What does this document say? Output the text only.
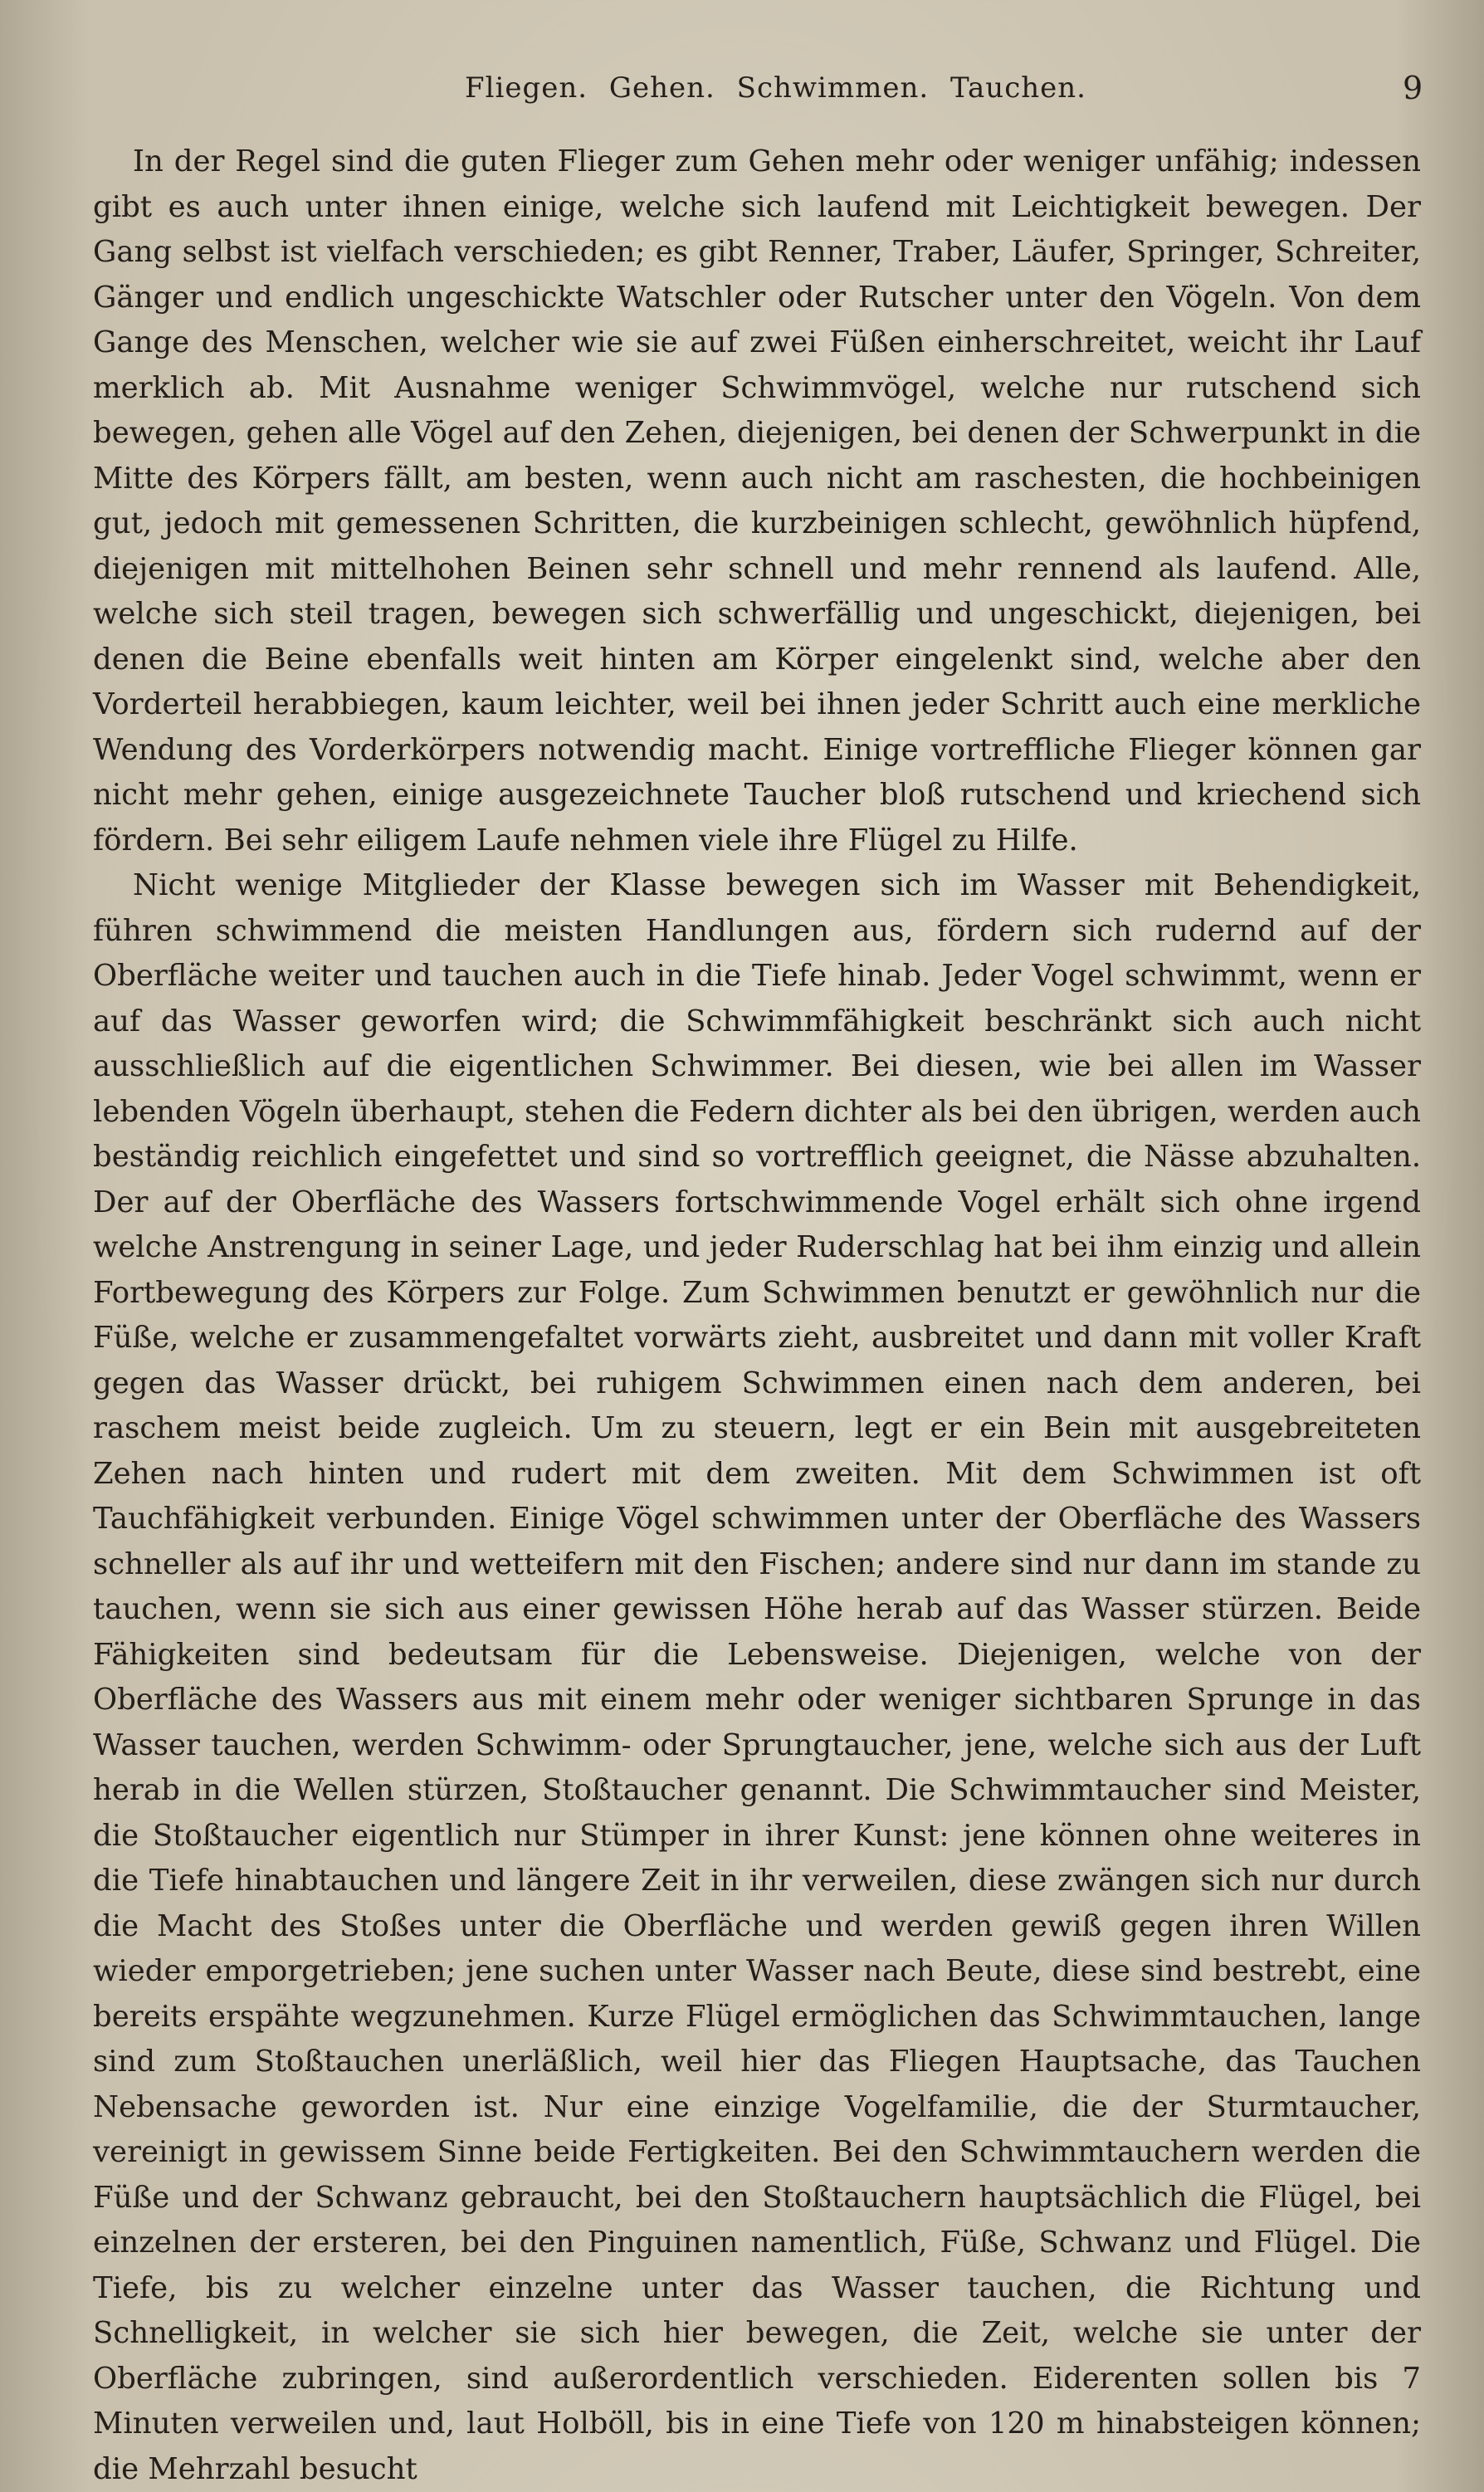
Fliegen. Gehen. Schwimmen. Tauchen.	9

In der Regel sind die guten Flieger zum Gehen mehr oder weniger unfähig; indessen gibt es auch unter ihnen einige, welche sich laufend mit Leichtigkeit bewegen. Der Gang selbst ist vielfach verschieden; es gibt Renner, Traber, Läufer, Springer, Schreiter, Gänger und endlich ungeschickte Watschler oder Rutscher unter den Vögeln. Von dem Gange des Menschen, welcher wie sie auf zwei Füßen einherschreitet, weicht ihr Lauf merklich ab. Mit Ausnahme weniger Schwimmvögel, welche nur rutschend sich bewegen, gehen alle Vögel auf den Zehen, diejenigen, bei denen der Schwerpunkt in die Mitte des Körpers fällt, am besten, wenn auch nicht am raschesten, die hochbeinigen gut, jedoch mit gemessenen Schritten, die kurzbeinigen schlecht, gewöhnlich hüpfend, diejenigen mit mittelhohen Beinen sehr schnell und mehr rennend als laufend. Alle, welche sich steil tragen, bewegen sich schwerfällig und ungeschickt, diejenigen, bei denen die Beine ebenfalls weit hinten am Körper eingelenkt sind, welche aber den Vorderteil herabbiegen, kaum leichter, weil bei ihnen jeder Schritt auch eine merkliche Wendung des Vorderkörpers notwendig macht. Einige vortreffliche Flieger können gar nicht mehr gehen, einige ausgezeichnete Taucher bloß rutschend und kriechend sich fördern. Bei sehr eiligem Laufe nehmen viele ihre Flügel zu Hilfe.

Nicht wenige Mitglieder der Klasse bewegen sich im Wasser mit Behendigkeit, führen schwimmend die meisten Handlungen aus, fördern sich rudernd auf der Oberfläche weiter und tauchen auch in die Tiefe hinab. Jeder Vogel schwimmt, wenn er auf das Wasser geworfen wird; die Schwimmfähigkeit beschränkt sich auch nicht ausschließlich auf die eigentlichen Schwimmer. Bei diesen, wie bei allen im Wasser lebenden Vögeln überhaupt, stehen die Federn dichter als bei den übrigen, werden auch beständig reichlich eingefettet und sind so vortrefflich geeignet, die Nässe abzuhalten. Der auf der Oberfläche des Wassers fortschwimmende Vogel erhält sich ohne irgend welche Anstrengung in seiner Lage, und jeder Ruderschlag hat bei ihm einzig und allein Fortbewegung des Körpers zur Folge. Zum Schwimmen benutzt er gewöhnlich nur die Füße, welche er zusammengefaltet vorwärts zieht, ausbreitet und dann mit voller Kraft gegen das Wasser drückt, bei ruhigem Schwimmen einen nach dem anderen, bei raschem meist beide zugleich. Um zu steuern, legt er ein Bein mit ausgebreiteten Zehen nach hinten und rudert mit dem zweiten. Mit dem Schwimmen ist oft Tauchfähigkeit verbunden. Einige Vögel schwimmen unter der Oberfläche des Wassers schneller als auf ihr und wetteifern mit den Fischen; andere sind nur dann im stande zu tauchen, wenn sie sich aus einer gewissen Höhe herab auf das Wasser stürzen. Beide Fähigkeiten sind bedeutsam für die Lebensweise. Diejenigen, welche von der Oberfläche des Wassers aus mit einem mehr oder weniger sichtbaren Sprunge in das Wasser tauchen, werden Schwimm- oder Sprungtaucher, jene, welche sich aus der Luft herab in die Wellen stürzen, Stoßtaucher genannt. Die Schwimmtaucher sind Meister, die Stoßtaucher eigentlich nur Stümper in ihrer Kunst: jene können ohne weiteres in die Tiefe hinabtauchen und längere Zeit in ihr verweilen, diese zwängen sich nur durch die Macht des Stoßes unter die Oberfläche und werden gewiß gegen ihren Willen wieder emporgetrieben; jene suchen unter Wasser nach Beute, diese sind bestrebt, eine bereits erspähte wegzunehmen. Kurze Flügel ermöglichen das Schwimmtauchen, lange sind zum Stoßtauchen unerläßlich, weil hier das Fliegen Hauptsache, das Tauchen Nebensache geworden ist. Nur eine einzige Vogelfamilie, die der Sturmtaucher, vereinigt in gewissem Sinne beide Fertigkeiten. Bei den Schwimmtauchern werden die Füße und der Schwanz gebraucht, bei den Stoßtauchern hauptsächlich die Flügel, bei einzelnen der ersteren, bei den Pinguinen namentlich, Füße, Schwanz und Flügel. Die Tiefe, bis zu welcher einzelne unter das Wasser tauchen, die Richtung und Schnelligkeit, in welcher sie sich hier bewegen, die Zeit, welche sie unter der Oberfläche zubringen, sind außerordentlich verschieden. Eiderenten sollen bis 7 Minuten verweilen und, laut Holböll, bis in eine Tiefe von 120 m hinabsteigen können; die Mehrzahl besucht
